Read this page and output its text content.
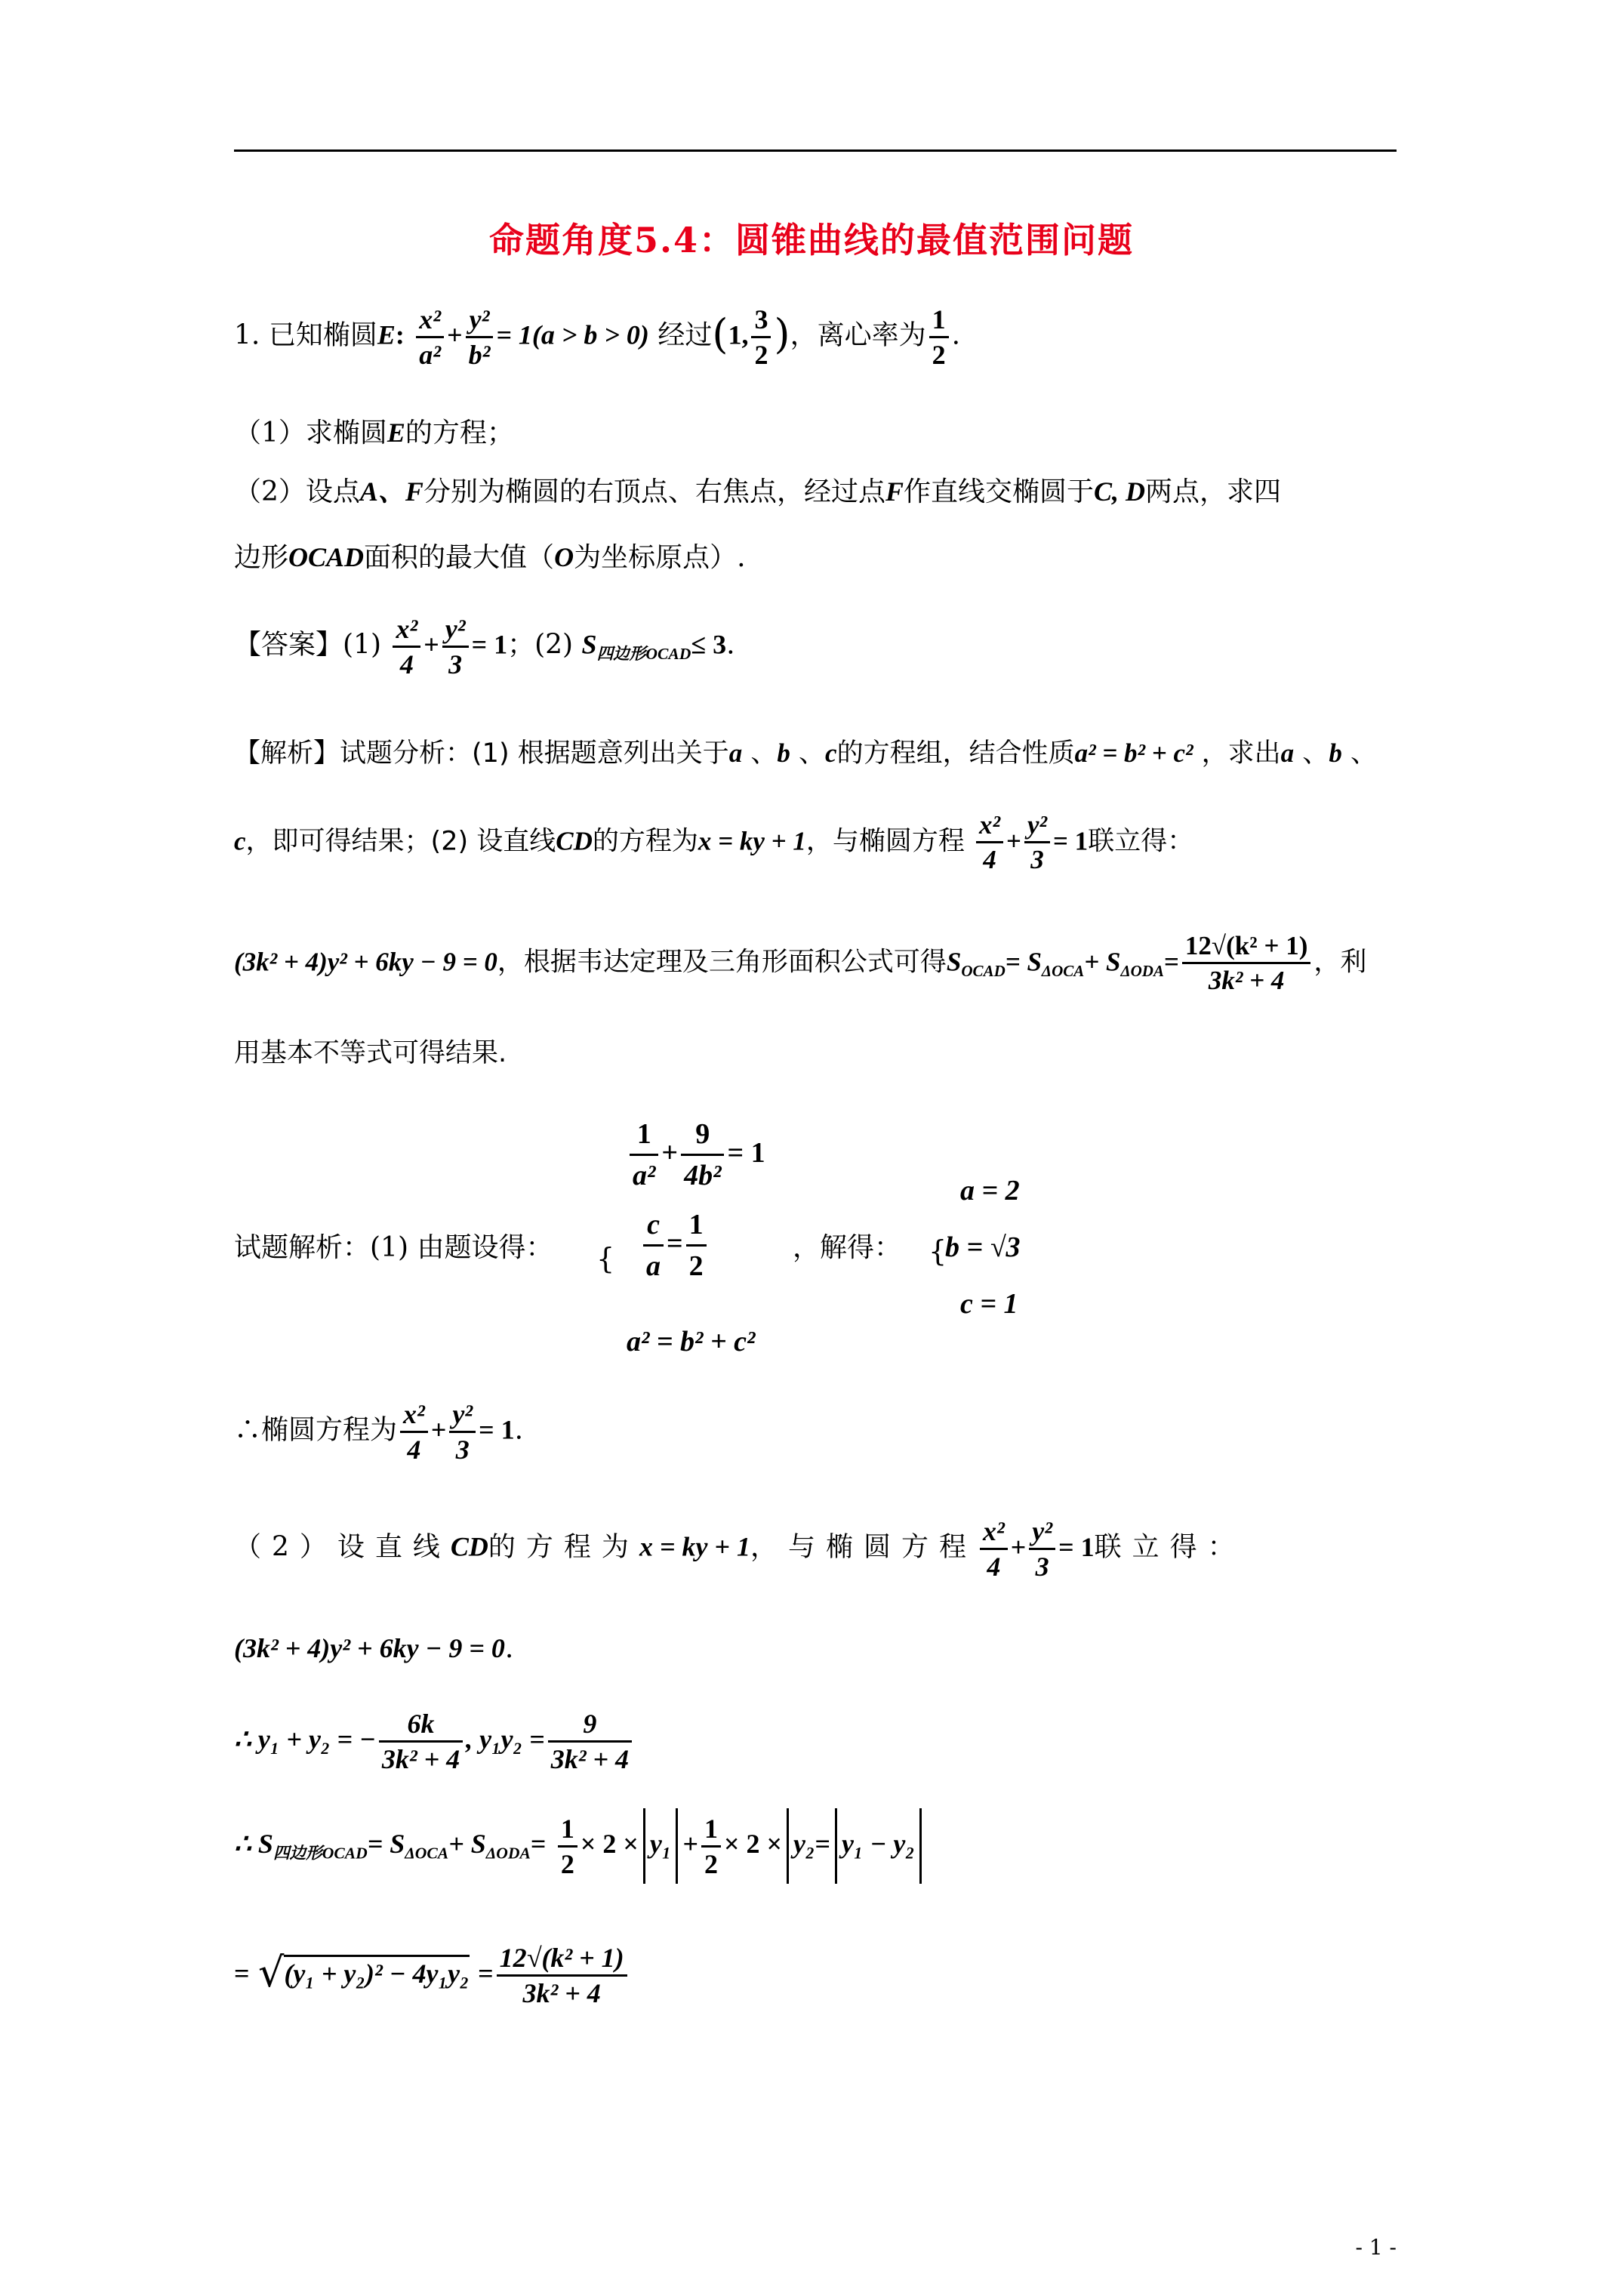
命题角度5.4：圆锥曲线的最值范围问题
1. 已知椭圆E: $\frac{\text{x²}}{\text{a²}} + \frac{\text{y²}}{\text{b²}} = 1(a > b > 0)$ 经过(1, $\frac{3}{2}$ )，离心率为 $\frac{1}{2}$ .
（1）求椭圆E的方程；
（2）设点A、F分别为椭圆的右顶点、右焦点，经过点F作直线交椭圆于C, D两点，求四
边形OCAD面积的最大值（O为坐标原点）.
【答案】$(1) \frac{\text{x²}}{4} + \frac{\text{y²}}{3} = 1$；(2) $S_{四边形OCAD}\le 3$.
【解析】试题分析：(1) 根据题意列出关于a 、b 、c的方程组，结合性质a² = b² + c² ，求出a 、b 、
c，即可得结果；(2) 设直线CD的方程为x = ky + 1，与椭圆方程 $\frac{\text{x²}}{4} + \frac{\text{y²}}{3} = 1$联立得：
(3k² + 4)y² + 6ky − 9 = 0，根据韦达定理及三角形面积公式可得$S_{OCAD}= S_{\Delta OCA}+ S_{\Delta ODA}= \frac{\text{12√(k² + 1)}}{\text{3k² + 4}}$ ，利
用基本不等式可得结果.
试题解析：(1) 由题设得： {
$\frac{1}{\text{a²}} + \frac{9}{\text{4b²}} = 1$
$\frac{c}{a} = \frac{1}{2}$
a² = b² + c²
，解得： {
a = 2
b = √3
c = 1
∴椭圆方程为 $\frac{\text{x²}}{4} + \frac{\text{y²}}{3} = 1$.
（2）设直线CD的方程为x = ky + 1，与椭圆方程 $\frac{\text{x²}}{4} + \frac{\text{y²}}{3} = 1$联立得：
(3k² + 4)y² + 6ky − 9 = 0.
∴ y₁ + y₂ = − $\frac{6k}{\text{3k² + 4}}$ , $y_1y_2 = \frac{9}{\text{3k² + 4}}$
∴ $S_{四边形OCAD}= S_{\Delta OCA}+ S_{\Delta ODA}= \frac{1}{2} \times 2 \times y_1 + \frac{1}{2} \times 2 \times y_2= y_1 - y_2$
= $√(y_1 + y_2)^2 - 4y_1y_2 = \frac{\text{12√(k² + 1)}}{\text{3k² + 4}}$
- 1 -
